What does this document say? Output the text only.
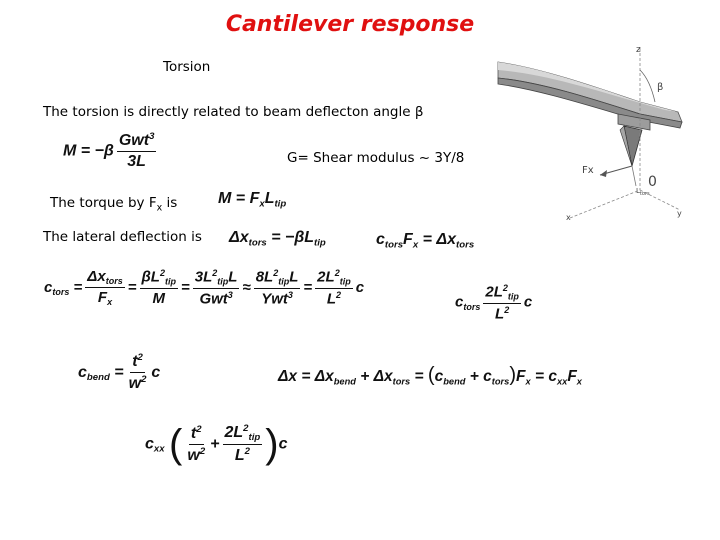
Cantilever response
Torsion
The torsion is directly related to beam deflecton angle β
G= Shear modulus ~ 3Y/8
The torque by $F_x$ is
The lateral deflection is
$M = -\beta \frac{Gwt^3}{3L}$
$M = F_xL_{tip}$
$\Delta x_{tors} = -\beta L_{tip}$	$c_{tors}F_x = \Delta x_{tors}$
$c_{tors} = \frac{\Delta x_{tors}}{F_x} = \frac{\beta L^2_{tip}}{M} = \frac{3L^2_{tip}L}{Gwt^3} \approx \frac{8L^2_{tip}L}{Ywt^3} = \frac{2L^2_{tip}}{L^2}$ c
$c_{tors} \frac{2L^2_{tip}}{L^2}$ c
$c_{bend} = \frac{t^2}{w^2}$ c	$\Delta x = \Delta x_{bend} + \Delta x_{tors} = (c_{bend} + c_{tors})F_x = c_{xx}F_x$
$c_{xx}$ ( $\frac{t^2}{w^2} + \frac{2L^2_{tip}}{L^2} )c$
z
β
Fx
0
$L_{tors}$
x	y
